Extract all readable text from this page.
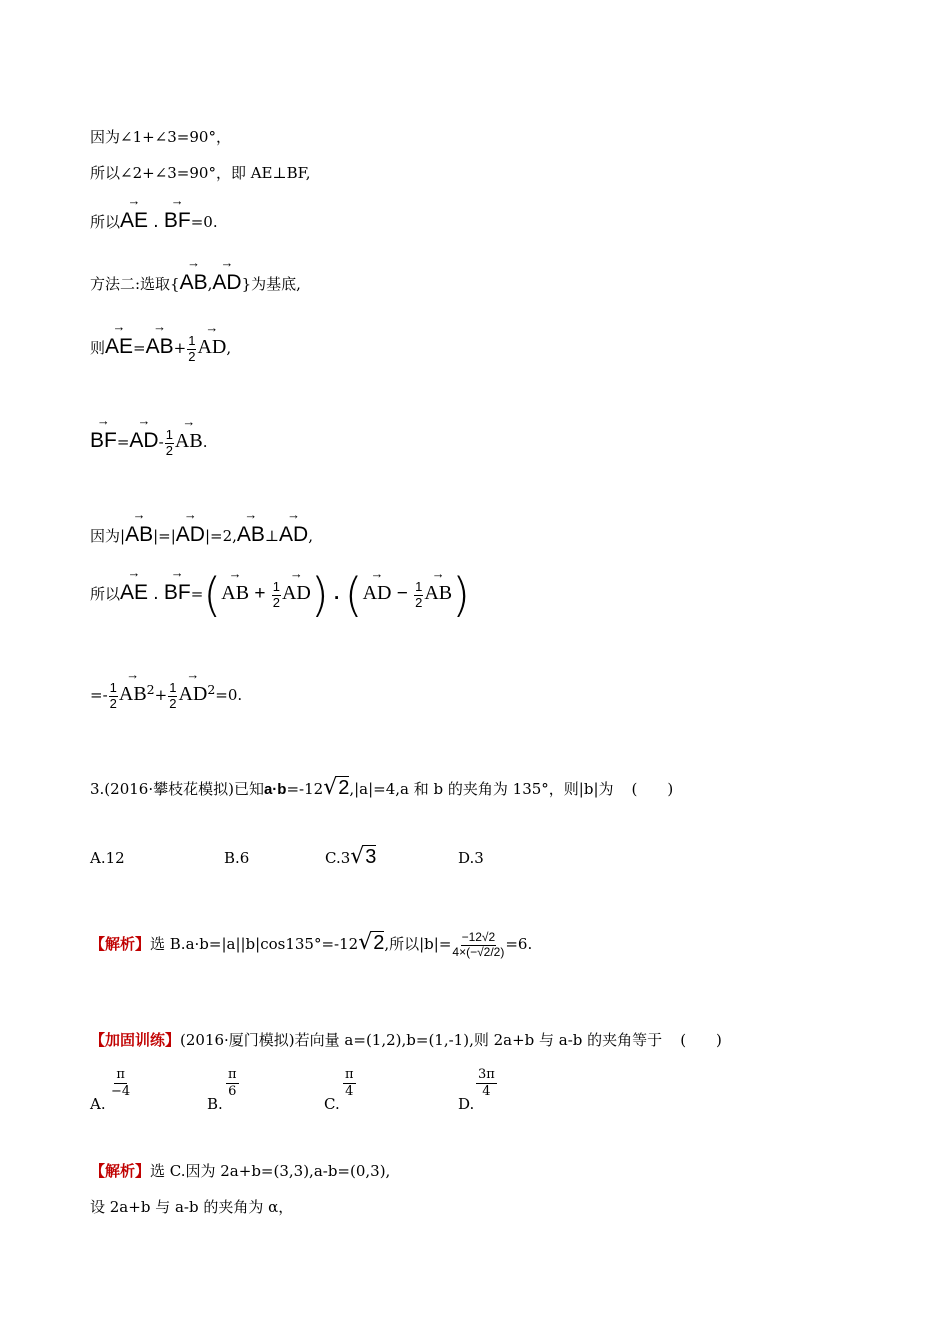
因为∠1+∠3=90°，
所以∠2+∠3=90°，即 AE⊥BF,
所以→ AE . → BF=0.
方法二:选取{→ AB,→ AD}为基底,
则→ $AE=\to AB+ \frac{1}{2}$
→ AD,
→ $BF=\to AD- \frac{1}{2}$
→ AB.
因为|→ AB|=|→ AD|=2,→ AB⊥→ AD,
所以→ AE . → BF=(→ AB + $\frac{1}{2}$
→ AD) . (→ AD − $\frac{1}{2}$
→ AB)
=- $\frac{1}{2}$
→ $AB^2+ \frac{1}{2}$
→ $AD^2=0$.
3.(2016·攀枝花模拟)已知a·b=-12√2,|a|=4,a 和 b 的夹角为 135°，则|b|为 (　　)
A.12	B.6	C.3√3	D.3
【解析】选 B.a·b=|a||b|cos135°=-12√2,所以$|b|= \frac{-12√2}{4\times(-√2/2)} =6$.
【加固训练】(2016·厦门模拟)若向量 a=(1,2),b=(1,-1),则 2a+b 与 a-b 的夹角等于 (　　)
A.
$\frac{\pi}{-4}$
B.
$\frac{\pi}{6}$
C.
$\frac{\pi}{4}$
D.
$\frac{3\pi}{4}$
【解析】选 C.因为 2a+b=(3,3),a-b=(0,3),
设 2a+b 与 a-b 的夹角为 α，
